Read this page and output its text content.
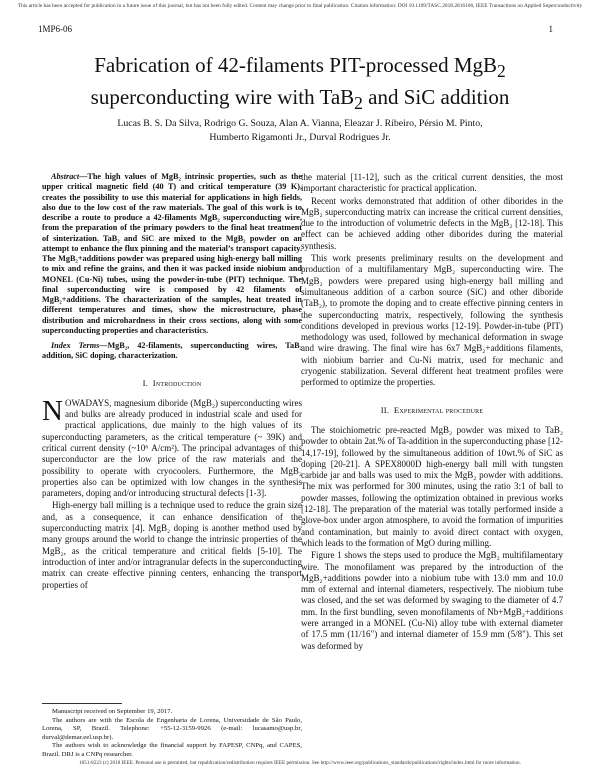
This article has been accepted for publication in a future issue of this journal, but has not been fully edited. Content may change prior to final publication. Citation information: DOI 10.1109/TASC.2018.2816106, IEEE Transactions on Applied Superconductivity
1MP6-06	1
Fabrication of 42-filaments PIT-processed MgB$_2$ superconducting wire with TaB$_2$ and SiC addition
Lucas B. S. Da Silva, Rodrigo G. Souza, Alan A. Vianna, Eleazar J. Ribeiro, Pérsio M. Pinto,
Humberto Rigamonti Jr., Durval Rodrigues Jr.

Abstract—The high values of MgB₂ intrinsic properties, such as the upper critical magnetic field (40 T) and critical temperature (39 K), creates the possibility to use this material for applications in high fields, also due to the low cost of the raw materials. The goal of this work is to describe a route to produce a 42-filaments MgB₂ superconducting wire, from the preparation of the primary powders to the final heat treatment of sinterization. TaB₂ and SiC are mixed to the MgB₂ powder on an attempt to enhance the flux pinning and the material’s transport capacity. The MgB₂+additions powder was prepared using high-energy ball milling to mix and refine the grains, and then it was packed inside niobium and MONEL (Cu-Ni) tubes, using the powder-in-tube (PIT) technique. The final superconducting wire is composed by 42 filaments of MgB₂+additions. The characterization of the samples, heat treated in different temperatures and times, show the microstructure, phase distribution and microhardness in their cross sections, along with some superconducting properties and characteristics.

Index Terms—MgB₂, 42-filaments, superconducting wires, TaB₂ addition, SiC doping, characterization.

I. Introduction

NOWADAYS, magnesium diboride (MgB₂) superconducting wires and bulks are already produced in industrial scale and used for practical applications, due mainly to the high values of its superconducting parameters, as the critical temperature (~ 39K) and critical current density (~10⁶ A/cm²). The principal advantages of this superconductor are the low price of the raw materials and the possibility to operate with cryocoolers. Furthermore, the MgB₂ properties also can be optimized with low changes in the synthesis parameters, doping and/or introducing structural defects [1-3].

High-energy ball milling is a technique used to reduce the grain size and, as a consequence, it can enhance densification of the superconducting matrix [4]. MgB₂ doping is another method used by many groups around the world to change the intrinsic properties of the MgB₂, as the critical temperature and critical fields [5-10]. The introduction of inter and/or intragranular defects in the superconducting matrix can create effective pinning centers, enhancing the transport properties of

the material [11-12], such as the critical current densities, the most important characteristic for practical application.

Recent works demonstrated that addition of other diborides in the MgB₂ superconducting matrix can increase the critical current densities, due to the introduction of volumetric defects in the MgB₂ [12-18]. This effect can be achieved adding other diborides during the material synthesis.

This work presents preliminary results on the development and production of a multifilamentary MgB₂ superconducting wire. The MgB₂ powders were prepared using high-energy ball milling and simultaneous addition of a carbon source (SiC) and other diboride (TaB₂), to promote the doping and to create effective pinning centers in the superconducting matrix, respectively, following the synthesis conditions developed in previous works [12-19]. Powder-in-tube (PIT) methodology was used, followed by mechanical deformation in swage and wire drawing. The final wire has 6x7 MgB₂+additions filaments, with niobium barrier and Cu-Ni matrix, used for mechanic and cryogenic stabilization. Several different heat treatment profiles were performed to optimize the properties.

II. Experimental procedure

The stoichiometric pre-reacted MgB₂ powder was mixed to TaB₂ powder to obtain 2at.% of Ta-addition in the superconducting phase [12-14,17-19], followed by the simultaneous addition of 10wt.% of SiC as doping [20-21]. A SPEX8000D high-energy ball mill with tungsten carbide jar and balls was used to mix the MgB₂ powder with additions. The mix was performed for 300 minutes, using the ratio 3:1 of ball to powder masses, following the optimization obtained in previous works [12-18]. The preparation of the material was totally performed inside a glove-box under argon atmosphere, to avoid the formation of impurities and contamination, but mainly to avoid direct contact with oxygen, which leads to the formation of MgO during milling.

Figure 1 shows the steps used to produce the MgB₂ multifilamentary wire. The monofilament was prepared by the introduction of the MgB₂+additions powder into a niobium tube with 13.0 mm and 10.0 mm of external and internal diameters, respectively. The niobium tube was closed, and the set was deformed by swaging to the diameter of 4.7 mm. In the first bundling, seven monofilaments of Nb+MgB₂+additions were arranged in a MONEL (Cu-Ni) alloy tube with external diameter of 17.5 mm (11/16") and internal diameter of 15.9 mm (5/8"). This set was deformed by

Manuscript received on September 19, 2017.

The authors are with the Escola de Engenharia de Lorena, Universidade de São Paulo, Lorena, SP, Brazil. Telephone: +55-12-3159-9926 (e-mail: lucasamo@usp.br, durval@demar.eel.usp.br).

The authors wish to acknowledge the financial support by FAPESP, CNPq, and CAPES, Brazil. DRJ is a CNPq researcher.

1051-8223 (c) 2018 IEEE. Personal use is permitted, but republication/redistribution requires IEEE permission. See http://www.ieee.org/publications_standards/publications/rights/index.html for more information.
